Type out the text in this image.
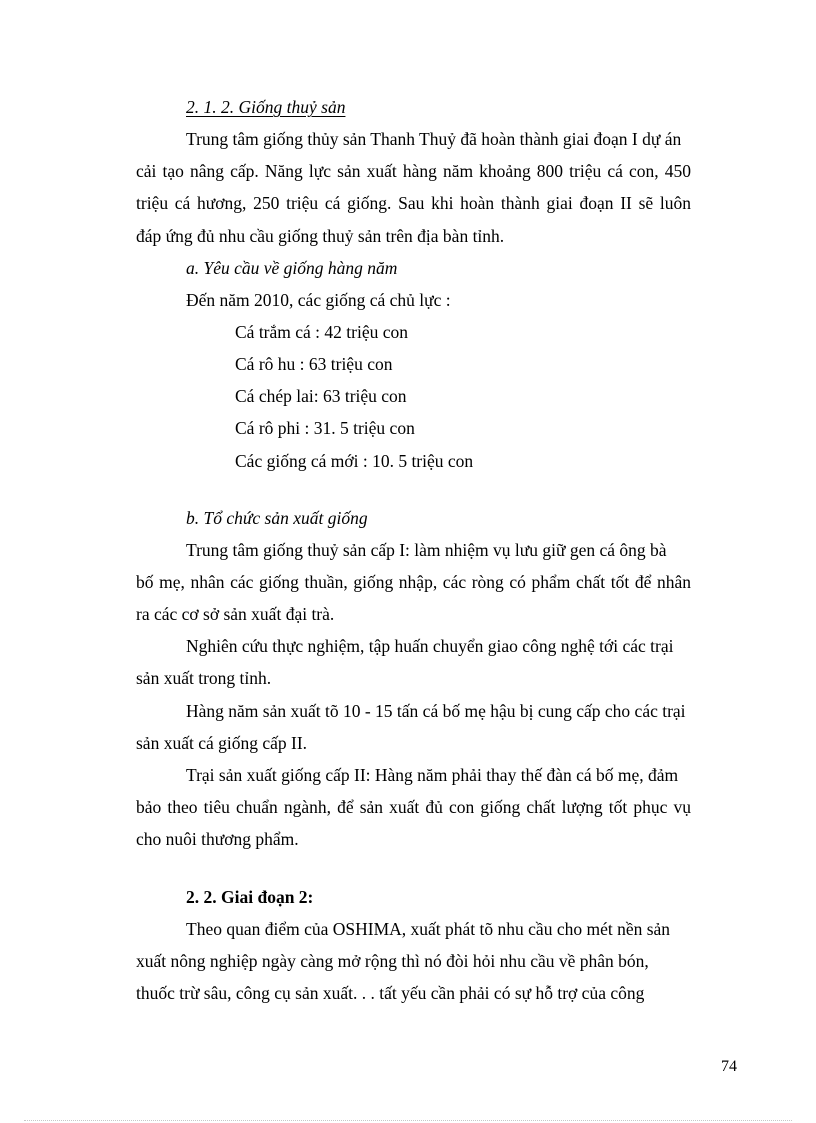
2. 1. 2. Giống thuỷ sản
Trung tâm giống thủy sản Thanh Thuỷ đã hoàn thành giai đoạn I dự án
cải tạo nâng cấp. Năng lực sản xuất hàng năm khoảng 800 triệu cá con, 450
triệu cá hương, 250 triệu cá giống. Sau khi hoàn thành giai đoạn II sẽ luôn
đáp ứng đủ nhu cầu giống thuỷ sản trên địa bàn tỉnh.
a. Yêu cầu về giống hàng năm
Đến năm 2010, các giống cá chủ lực :
Cá trắm cá : 42 triệu con
Cá rô hu : 63 triệu con
Cá chép lai: 63 triệu con
Cá rô phi : 31. 5 triệu con
Các giống cá mới : 10. 5 triệu con
b. Tổ chức sản xuất giống
Trung tâm giống thuỷ sản cấp I: làm nhiệm vụ lưu giữ gen cá ông bà
bố mẹ, nhân các giống thuần, giống nhập, các ròng có phẩm chất tốt để nhân
ra các cơ sở sản xuất đại trà.
Nghiên cứu thực nghiệm, tập huấn chuyển giao công nghệ tới các trại
sản xuất trong tỉnh.
Hàng năm sản xuất tõ 10 - 15 tấn cá bố mẹ hậu bị cung cấp cho các trại
sản xuất cá giống cấp II.
Trại sản xuất giống cấp II: Hàng năm phải thay thế đàn cá bố mẹ, đảm
bảo theo tiêu chuẩn ngành, để sản xuất đủ con giống chất lượng tốt phục vụ
cho nuôi thương phẩm.
2. 2. Giai đoạn 2:
Theo quan điểm của OSHIMA, xuất phát tõ nhu cầu cho mét nền sản
xuất nông nghiệp ngày càng mở rộng thì nó đòi hỏi nhu cầu về phân bón,
thuốc trừ sâu, công cụ sản xuất. . . tất yếu cần phải có sự hỗ trợ của công
74
